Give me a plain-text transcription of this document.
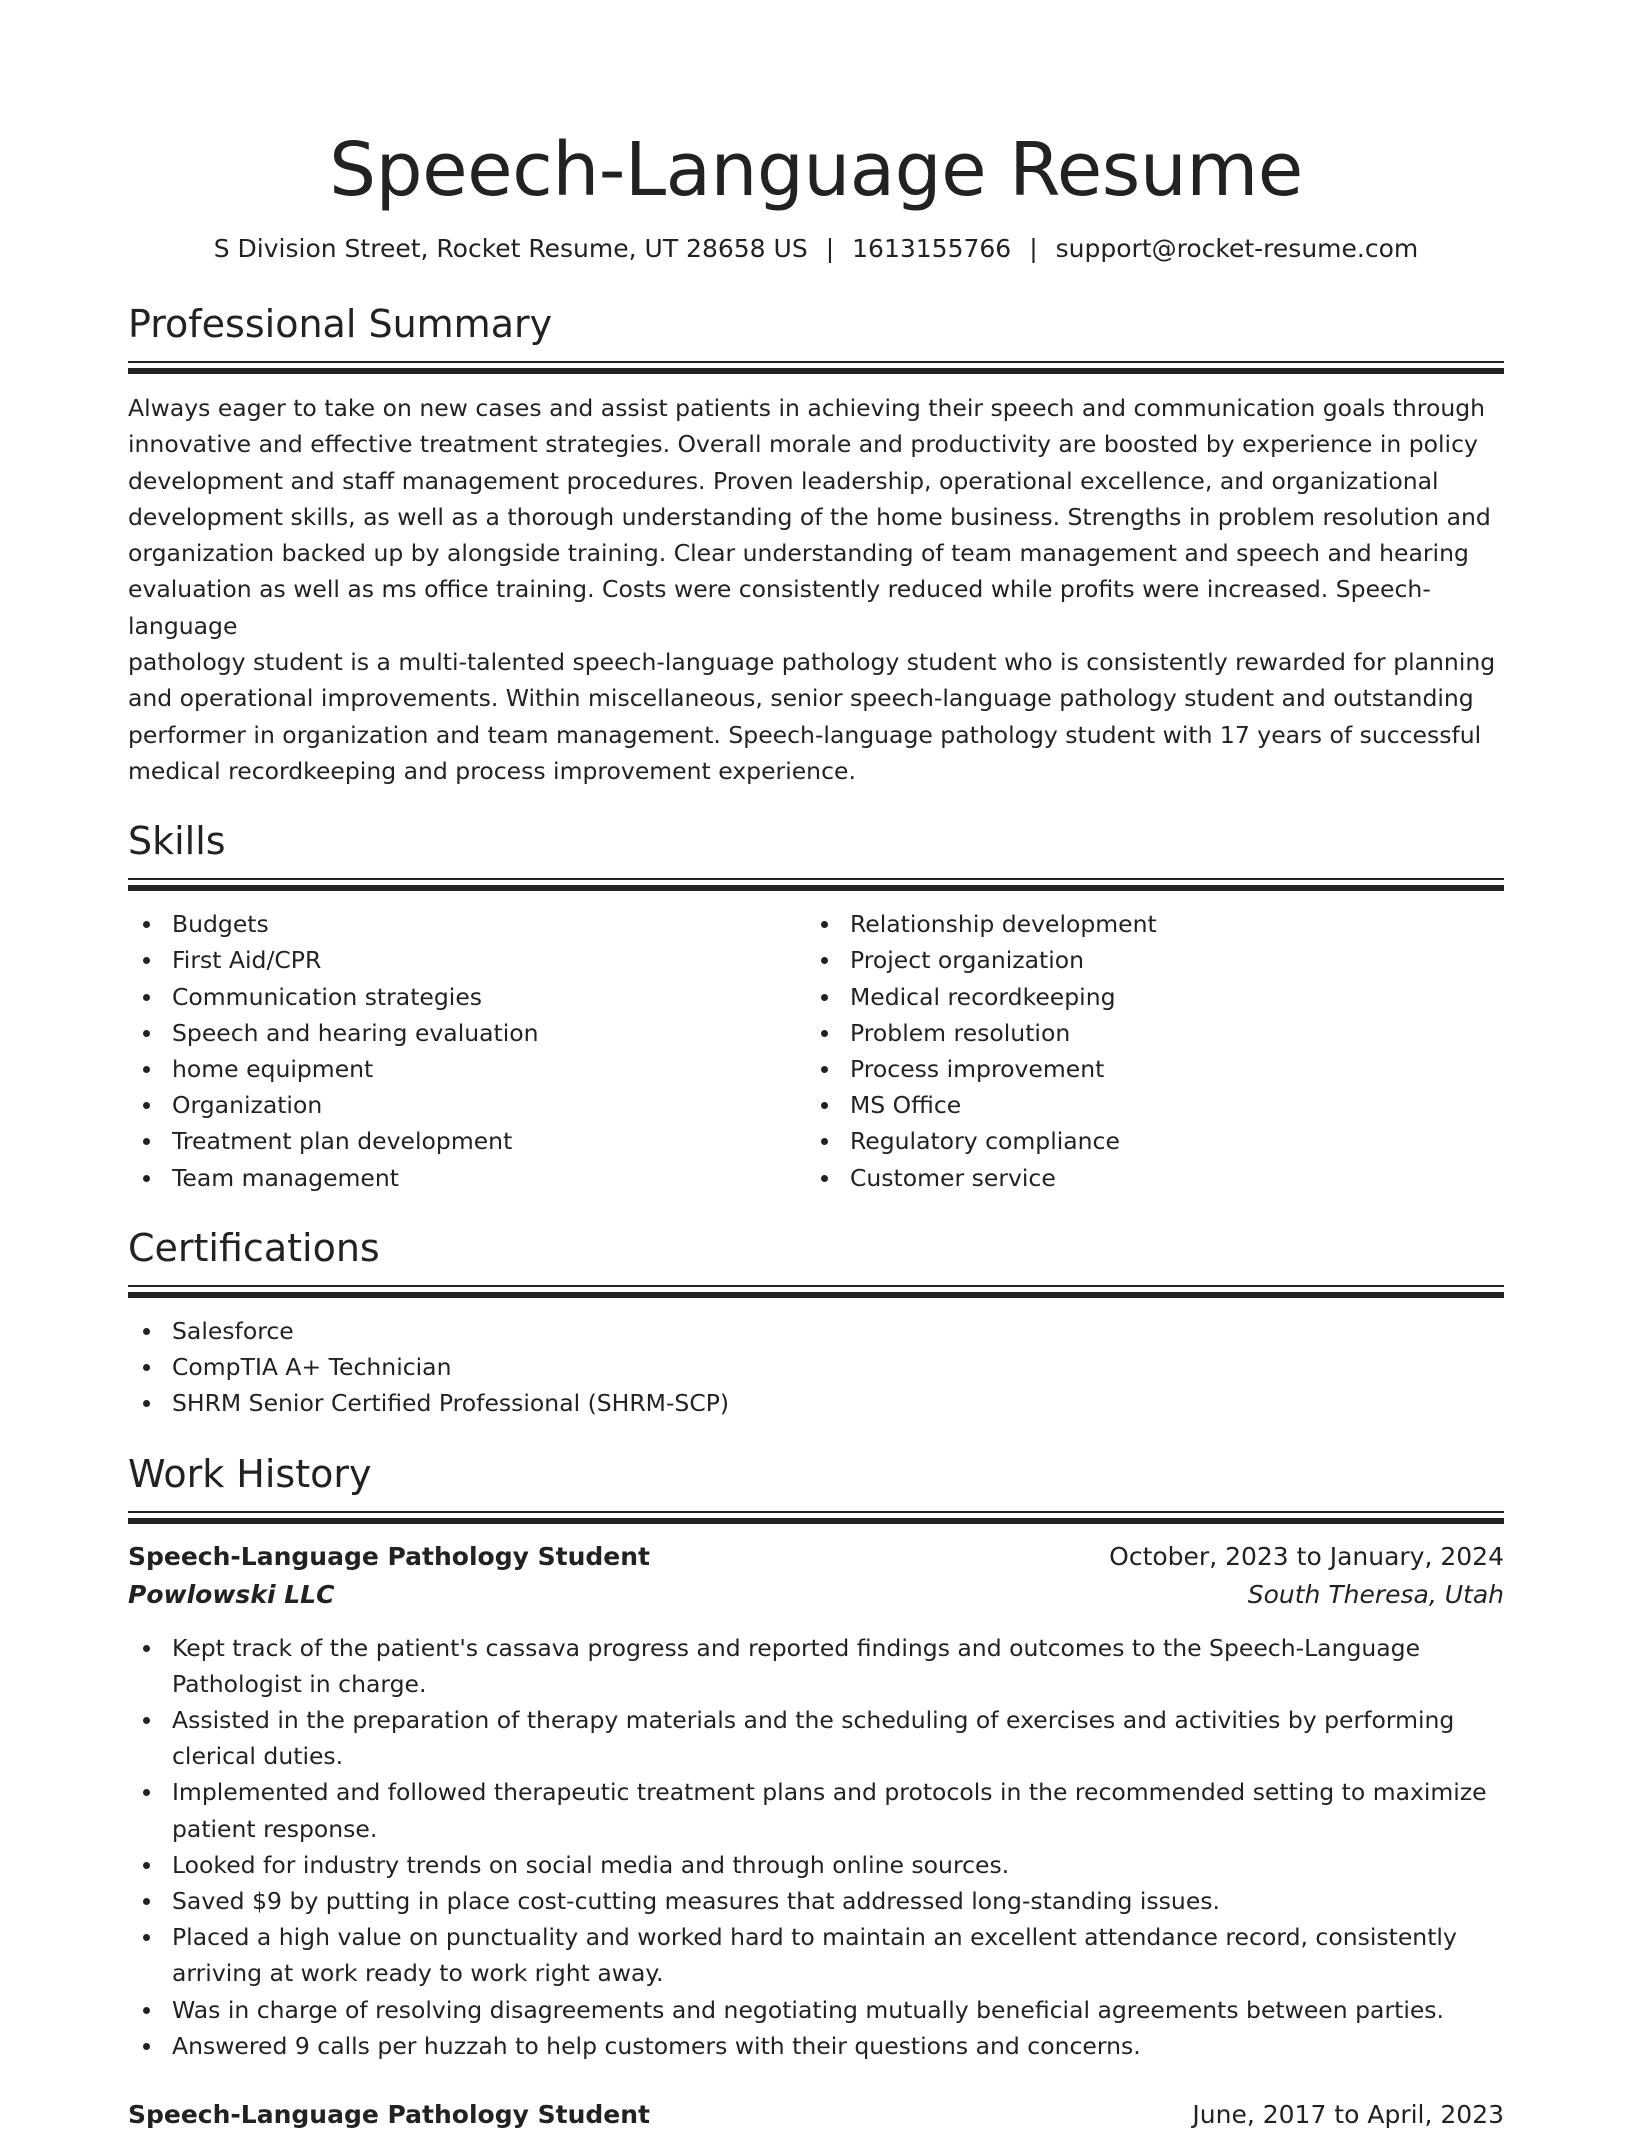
Speech-Language Resume
S Division Street, Rocket Resume, UT 28658 US | 1613155766 | support@rocket-resume.com
Professional Summary
Always eager to take on new cases and assist patients in achieving their speech and communication goals through
innovative and effective treatment strategies. Overall morale and productivity are boosted by experience in policy
development and staff management procedures. Proven leadership, operational excellence, and organizational
development skills, as well as a thorough understanding of the home business. Strengths in problem resolution and
organization backed up by alongside training. Clear understanding of team management and speech and hearing
evaluation as well as ms office training. Costs were consistently reduced while profits were increased. Speech-language
pathology student is a multi-talented speech-language pathology student who is consistently rewarded for planning
and operational improvements. Within miscellaneous, senior speech-language pathology student and outstanding
performer in organization and team management. Speech-language pathology student with 17 years of successful
medical recordkeeping and process improvement experience.
Skills
Budgets
First Aid/CPR
Communication strategies
Speech and hearing evaluation
home equipment
Organization
Treatment plan development
Team management
Relationship development
Project organization
Medical recordkeeping
Problem resolution
Process improvement
MS Office
Regulatory compliance
Customer service
Certifications
Salesforce
CompTIA A+ Technician
SHRM Senior Certified Professional (SHRM-SCP)
Work History
Speech-Language Pathology Student	October, 2023 to January, 2024
Powlowski LLC	South Theresa, Utah
Kept track of the patient's cassava progress and reported findings and outcomes to the Speech-Language Pathologist in charge.
Assisted in the preparation of therapy materials and the scheduling of exercises and activities by performing clerical duties.
Implemented and followed therapeutic treatment plans and protocols in the recommended setting to maximize patient response.
Looked for industry trends on social media and through online sources.
Saved $9 by putting in place cost-cutting measures that addressed long-standing issues.
Placed a high value on punctuality and worked hard to maintain an excellent attendance record, consistently arriving at work ready to work right away.
Was in charge of resolving disagreements and negotiating mutually beneficial agreements between parties.
Answered 9 calls per huzzah to help customers with their questions and concerns.
Speech-Language Pathology Student	June, 2017 to April, 2023
